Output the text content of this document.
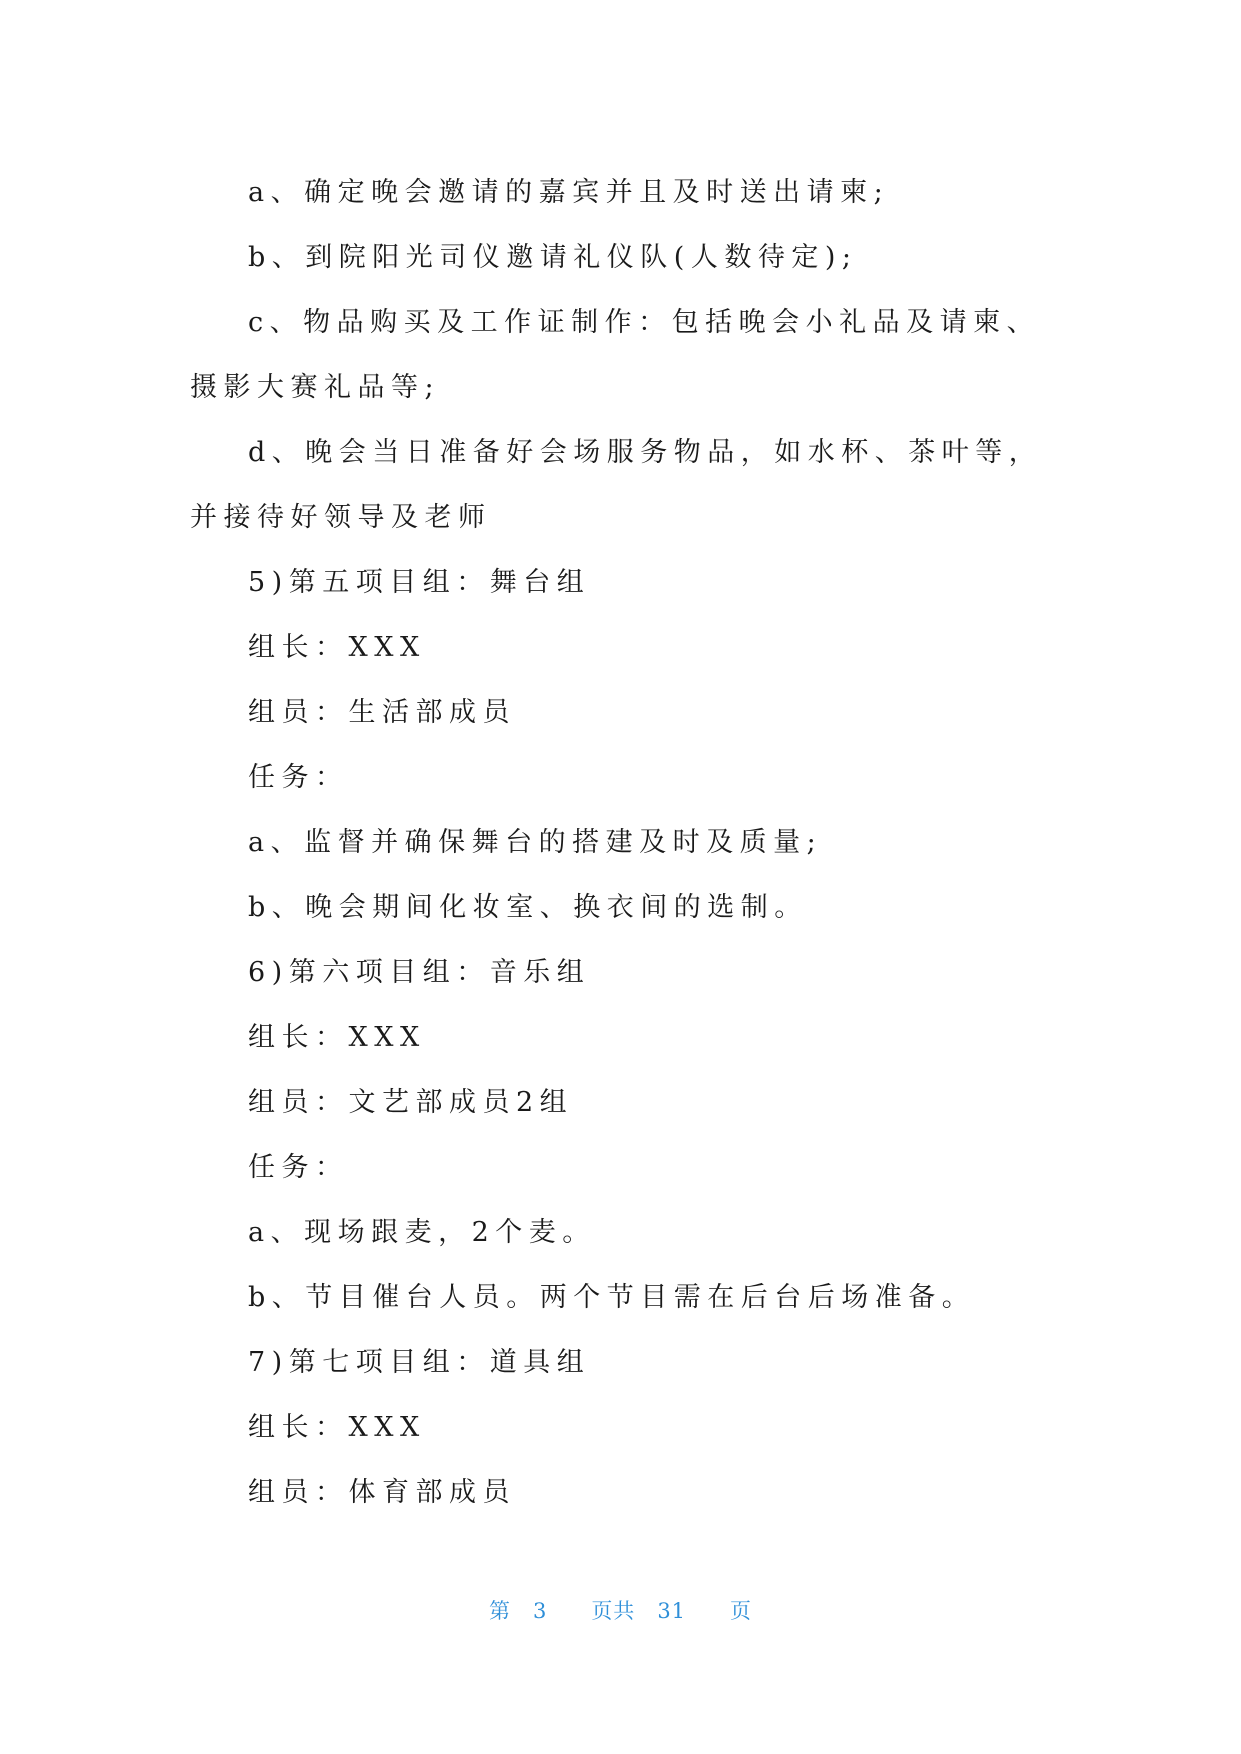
a、确定晚会邀请的嘉宾并且及时送出请柬;

b、到院阳光司仪邀请礼仪队(人数待定);

c、物品购买及工作证制作：包括晚会小礼品及请柬、摄影大赛礼品等;

d、晚会当日准备好会场服务物品，如水杯、茶叶等，并接待好领导及老师

5)第五项目组：舞台组

组长：XXX

组员：生活部成员

任务：

a、监督并确保舞台的搭建及时及质量;

b、晚会期间化妆室、换衣间的选制。

6)第六项目组：音乐组

组长：XXX

组员：文艺部成员2组

任务：

a、现场跟麦，2个麦。

b、节目催台人员。两个节目需在后台后场准备。

7)第七项目组：道具组

组长：XXX

组员：体育部成员

第 3 页共 31 页
